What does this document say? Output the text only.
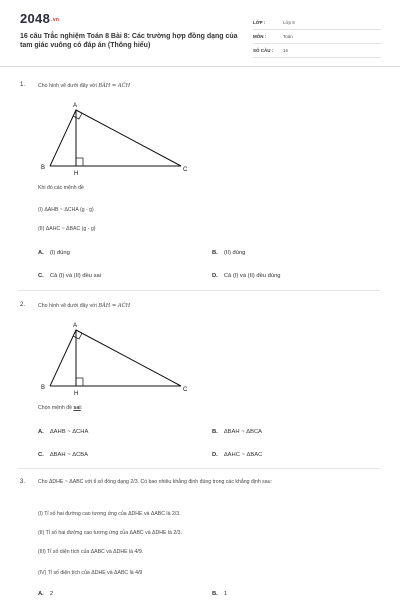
2048.vn
16 câu Trắc nghiệm Toán 8 Bài 8: Các trường hợp đồng dạng của tam giác vuông có đáp án (Thông hiểu)
LỚP :	Lớp 8
MÔN :	Toán
SỐ CÂU : 16
1. Cho hình vẽ dưới đây với BÂH = AĈH
A
B	C
H
Khi đó các mệnh đề
(I) ΔAHB ~ ΔCHA (g - g)
(II) ΔAHC ~ ΔBAC (g - g)
A. (I) đúng	B. (II) đúng
C. Cả (I) và (II) đều sai	D. Cả (I) và (II) đều đúng
2. Cho hình vẽ dưới đây với BÂH = AĈH
A
B	C
H
Chọn mệnh đề sai:
A. ΔAHB ~ ΔCHA	B. ΔBAH ~ ΔBCA
C. ΔBAH ~ ΔCBA	D. ΔAHC ~ ΔBAC
3. Cho ΔDHE ~ ΔABC với tỉ số đồng dạng 2/3. Có bao nhiêu khẳng định đúng trong các khẳng định sau:
(I) Tỉ số hai đường cao tương ứng của ΔDHE và ΔABC là 2/3.
(II) Tỉ số hai đường cao tương ứng của ΔABC và ΔDHE là 2/3.
(III) Tỉ số diện tích của ΔABC và ΔDHE là 4/9.
(IV) Tỉ số diện tích của ΔDHE và ΔABC là 4/9
A. 2	B. 1
